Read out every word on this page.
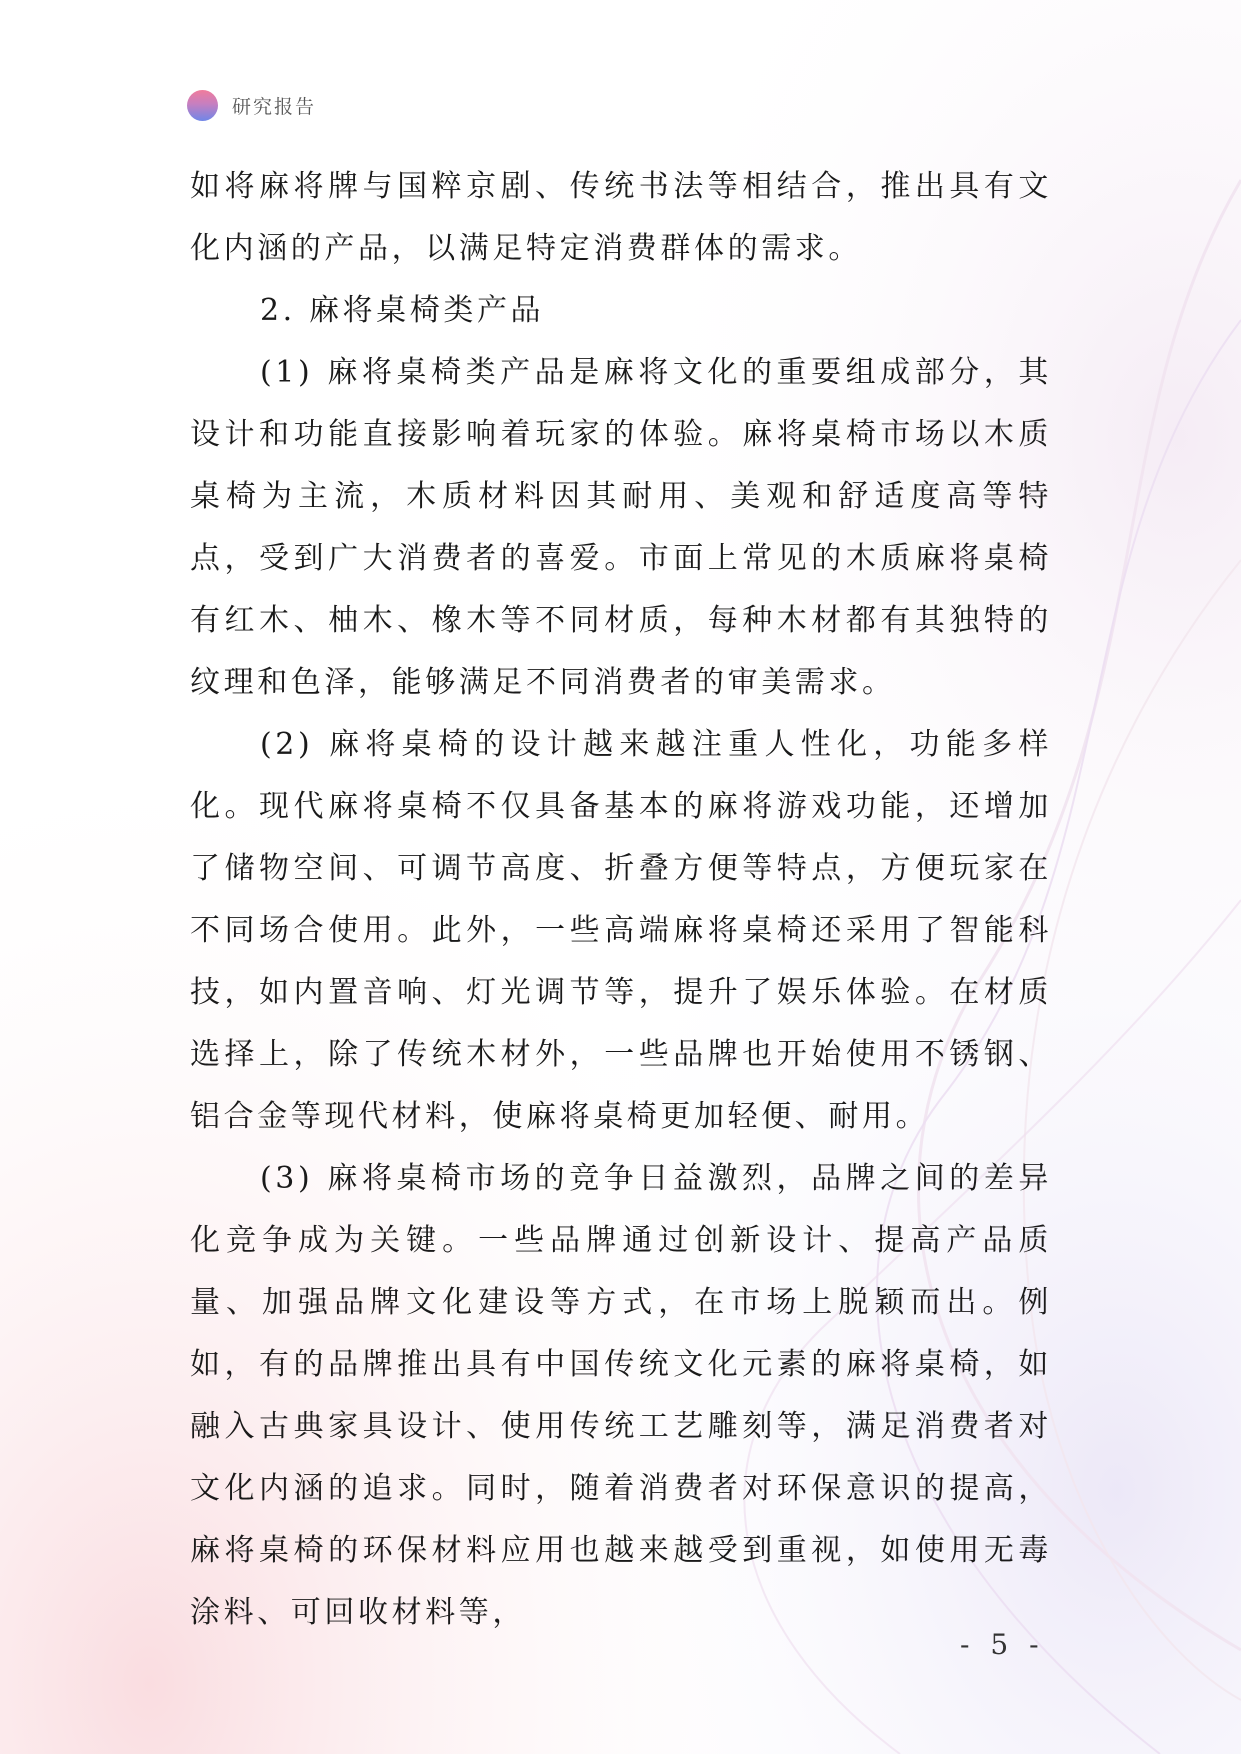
研究报告

如将麻将牌与国粹京剧、传统书法等相结合，推出具有文化内涵的产品，以满足特定消费群体的需求。

2. 麻将桌椅类产品

(1) 麻将桌椅类产品是麻将文化的重要组成部分，其设计和功能直接影响着玩家的体验。麻将桌椅市场以木质桌椅为主流，木质材料因其耐用、美观和舒适度高等特点，受到广大消费者的喜爱。市面上常见的木质麻将桌椅有红木、柚木、橡木等不同材质，每种木材都有其独特的纹理和色泽，能够满足不同消费者的审美需求。

(2) 麻将桌椅的设计越来越注重人性化，功能多样化。现代麻将桌椅不仅具备基本的麻将游戏功能，还增加了储物空间、可调节高度、折叠方便等特点，方便玩家在不同场合使用。此外，一些高端麻将桌椅还采用了智能科技，如内置音响、灯光调节等，提升了娱乐体验。在材质选择上，除了传统木材外，一些品牌也开始使用不锈钢、铝合金等现代材料，使麻将桌椅更加轻便、耐用。

(3) 麻将桌椅市场的竞争日益激烈，品牌之间的差异化竞争成为关键。一些品牌通过创新设计、提高产品质量、加强品牌文化建设等方式，在市场上脱颖而出。例如，有的品牌推出具有中国传统文化元素的麻将桌椅，如融入古典家具设计、使用传统工艺雕刻等，满足消费者对文化内涵的追求。同时，随着消费者对环保意识的提高，麻将桌椅的环保材料应用也越来越受到重视，如使用无毒涂料、可回收材料等，

- 5 -
